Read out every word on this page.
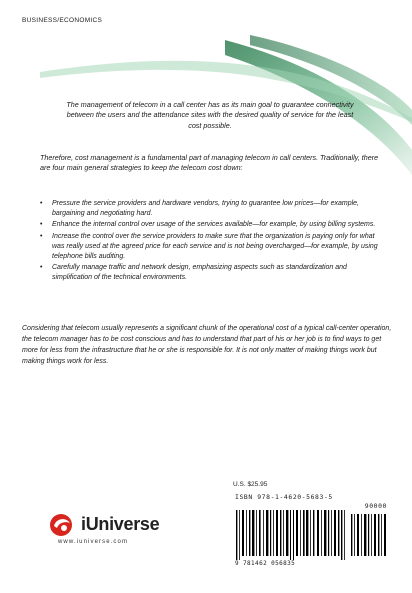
BUSINESS/ECONOMICS
The management of telecom in a call center has as its main goal to guarantee connectivity between the users and the attendance sites with the desired quality of service for the least cost possible.
Therefore, cost management is a fundamental part of managing telecom in call centers. Traditionally, there are four main general strategies to keep the telecom cost down:
• Pressure the service providers and hardware vendors, trying to guarantee low prices—for example, bargaining and negotiating hard.
• Enhance the internal control over usage of the services available—for example, by using billing systems.
• Increase the control over the service providers to make sure that the organization is paying only for what was really used at the agreed price for each service and is not being overcharged—for example, by using telephone bills auditing.
• Carefully manage traffic and network design, emphasizing aspects such as standardization and simplification of the technical environments.
Considering that telecom usually represents a significant chunk of the operational cost of a typical call-center operation, the telecom manager has to be cost conscious and has to understand that part of his or her job is to find ways to get more for less from the infrastructure that he or she is responsible for. It is not only matter of making things work but making things work for less.
U.S. $25.95
ISBN 978-1-4620-5683-5
90000
9 781462 056835
iUniverse
www.iuniverse.com
